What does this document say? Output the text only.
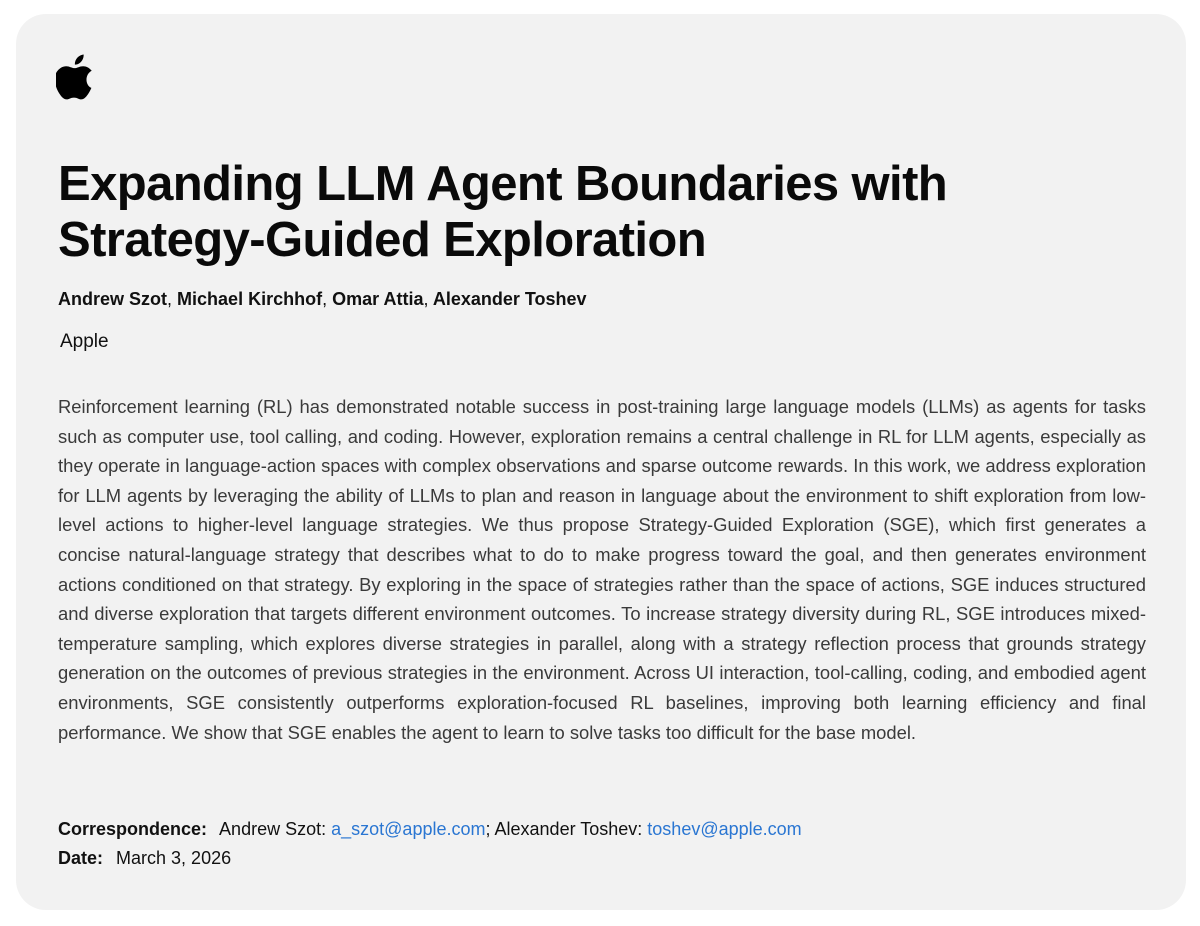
Expanding LLM Agent Boundaries with
Strategy-Guided Exploration
Andrew Szot, Michael Kirchhof, Omar Attia, Alexander Toshev
Apple

Reinforcement learning (RL) has demonstrated notable success in post-training large language models (LLMs) as agents for tasks such as computer use, tool calling, and coding. However, exploration remains a central challenge in RL for LLM agents, especially as they operate in language-action spaces with complex observations and sparse outcome rewards. In this work, we address exploration for LLM agents by leveraging the ability of LLMs to plan and reason in language about the environment to shift exploration from low-level actions to higher-level language strategies. We thus propose Strategy-Guided Exploration (SGE), which first generates a concise natural-language strategy that describes what to do to make progress toward the goal, and then generates environment actions conditioned on that strategy. By exploring in the space of strategies rather than the space of actions, SGE induces structured and diverse exploration that targets different environment outcomes. To increase strategy diversity during RL, SGE introduces mixed-temperature sampling, which explores diverse strategies in parallel, along with a strategy reflection process that grounds strategy generation on the outcomes of previous strategies in the environment. Across UI interaction, tool-calling, coding, and embodied agent environments, SGE consistently outperforms exploration-focused RL baselines, improving both learning efficiency and final performance. We show that SGE enables the agent to learn to solve tasks too difficult for the base model.

Correspondence: Andrew Szot: a_szot@apple.com; Alexander Toshev: toshev@apple.com
Date: March 3, 2026
